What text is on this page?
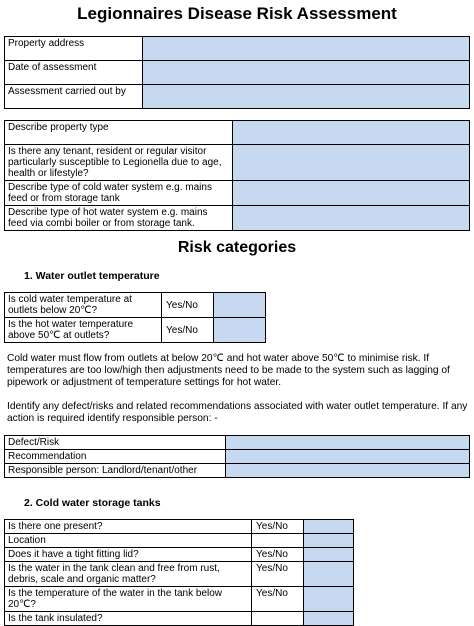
Legionnaires Disease Risk Assessment
Property address	
Date of assessment	
Assessment carried out by	
Describe property type	
Is there any tenant, resident or regular visitor particularly susceptible to Legionella due to age, health or lifestyle?	
Describe type of cold water system e.g. mains feed or from storage tank	
Describe type of hot water system e.g. mains feed via combi boiler or from storage tank.	
Risk categories
1. Water outlet temperature
Is cold water temperature at outlets below 20℃?	Yes/No	
Is the hot water temperature above 50℃ at outlets?	Yes/No	

Cold water must flow from outlets at below 20℃ and hot water above 50℃ to minimise risk. If temperatures are too low/high then adjustments need to be made to the system such as lagging of pipework or adjustment of temperature settings for hot water.

Identify any defect/risks and related recommendations associated with water outlet temperature. If any action is required identify responsible person: -

Defect/Risk	
Recommendation	
Responsible person: Landlord/tenant/other	
2. Cold water storage tanks
Is there one present?	Yes/No	
Location		
Does it have a tight fitting lid?	Yes/No	
Is the water in the tank clean and free from rust, debris, scale and organic matter?	Yes/No	
Is the temperature of the water in the tank below 20℃?	Yes/No	
Is the tank insulated?		
